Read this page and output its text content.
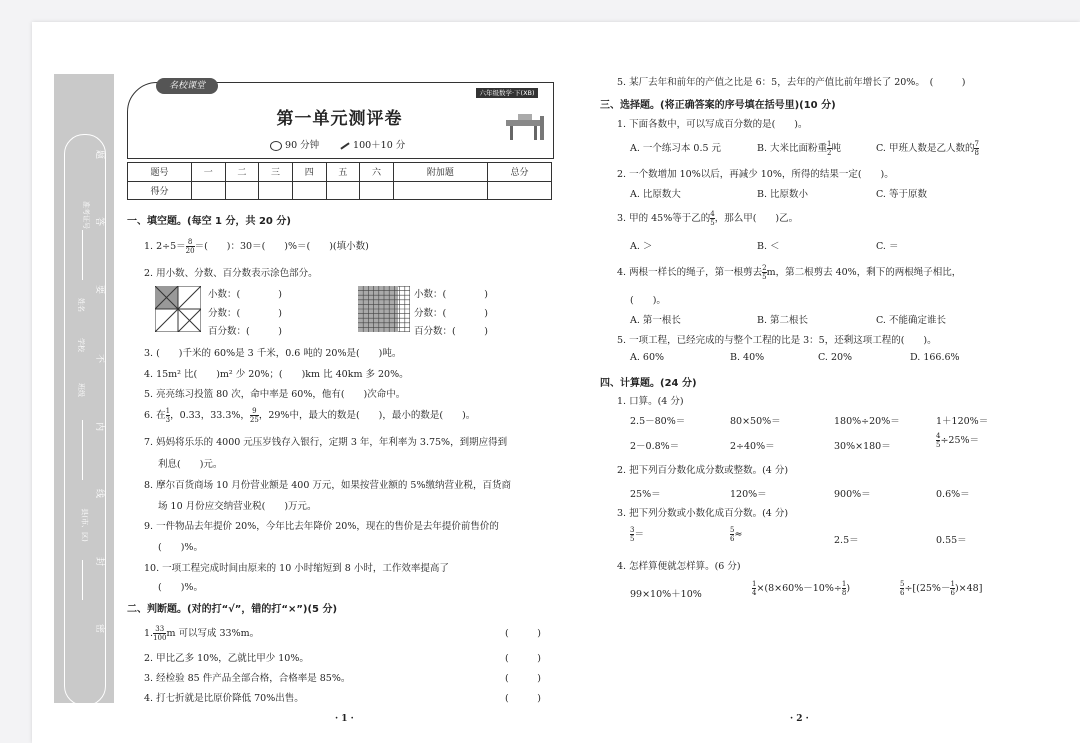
题
答
要
不
内
线
封
密
准考证号
姓名
学校
班级
县(市、区)
名校课堂
六年级数学·下(XB)
第一单元测评卷
90 分钟	100＋10 分
题号	一	二	三	四	五	六	附加题	总分
得分								
一、填空题。(每空 1 分，共 20 分)
1. $2\div 5= \frac{8}{20}$ ＝(　　)：30＝(　　)%＝(　　)(填小数)
2. 用小数、分数、百分数表示涂色部分。
小数：(　　　　)
分数：(　　　　)
百分数：(　　　)
小数：(　　　　)
分数：(　　　　)
百分数：(　　　)
3. (　　)千米的 60%是 3 千米，0.6 吨的 20%是(　　)吨。
4. 15m² 比(　　)m² 少 20%；(　　)km 比 40km 多 20%。
5. 亮亮练习投篮 80 次，命中率是 60%，他有(　　)次命中。
6. 在 $\frac{1}{3}$ ，0.33，33.3%， $\frac{9}{25}$ ，29%中，最大的数是(　　)，最小的数是(　　)。
7. 妈妈将乐乐的 4000 元压岁钱存入银行，定期 3 年，年利率为 3.75%，到期应得到
利息(　　)元。
8. 摩尔百货商场 10 月份营业额是 400 万元，如果按营业额的 5%缴纳营业税，百货商
场 10 月份应交纳营业税(　　)万元。
9. 一件物品去年提价 20%，今年比去年降价 20%，现在的售价是去年提价前售价的
(　　)%。
10. 一项工程完成时间由原来的 10 小时缩短到 8 小时，工作效率提高了
(　　)%。
二、判断题。(对的打“√”，错的打“×”)(5 分)
1. $\frac{33}{100}$ m 可以写成 33%m。	(　　　)
2. 甲比乙多 10%，乙就比甲少 10%。	(　　　)
3. 经检验 85 件产品全部合格，合格率是 85%。	(　　　)
4. 打七折就是比原价降低 70%出售。	(　　　)
· 1 ·
5. 某厂去年和前年的产值之比是 6：5，去年的产值比前年增长了 20%。　(　　　)
三、选择题。(将正确答案的序号填在括号里)(10 分)
1. 下面各数中，可以写成百分数的是(　　)。
A. 一个练习本 0.5 元	B. 大米比面粉重 $\frac{1}{2}$ 吨	C. 甲班人数是乙人数的 $\frac{7}{8}$
2. 一个数增加 10%以后，再减少 10%，所得的结果一定(　　)。
A. 比原数大	B. 比原数小	C. 等于原数
3. 甲的 45%等于乙的 $\frac{4}{5}$ ，那么甲(　　)乙。
A. ＞	B. ＜	C. ＝
4. 两根一样长的绳子，第一根剪去 $\frac{2}{5}$ m，第二根剪去 40%，剩下的两根绳子相比，
(　　)。
A. 第一根长	B. 第二根长	C. 不能确定谁长
5. 一项工程，已经完成的与整个工程的比是 3：5，还剩这项工程的(　　)。
A. 60%	B. 40%	C. 20%	D. 166.6%
四、计算题。(24 分)
1. 口算。(4 分)
2.5－80%＝	80×50%＝	180%÷20%＝	1＋120%＝
2－0.8%＝	2÷40%＝	30%×180＝	$\frac{4}{5} \div 25\%=$
2. 把下列百分数化成分数或整数。(4 分)
25%＝	120%＝	900%＝	0.6%＝
3. 把下列分数或小数化成百分数。(4 分)
$\frac{3}{5}$ ＝	$\frac{5}{6}$ ≈
2.5＝	0.55＝
4. 怎样算便就怎样算。(6 分)
99×10%＋10%	$\frac{1}{4} \times(8\times 60\%-10\%\div \frac{1}{8}$ )	$\frac{5}{6} \div[(25\%- \frac{1}{6} )\times 48]$
· 2 ·
